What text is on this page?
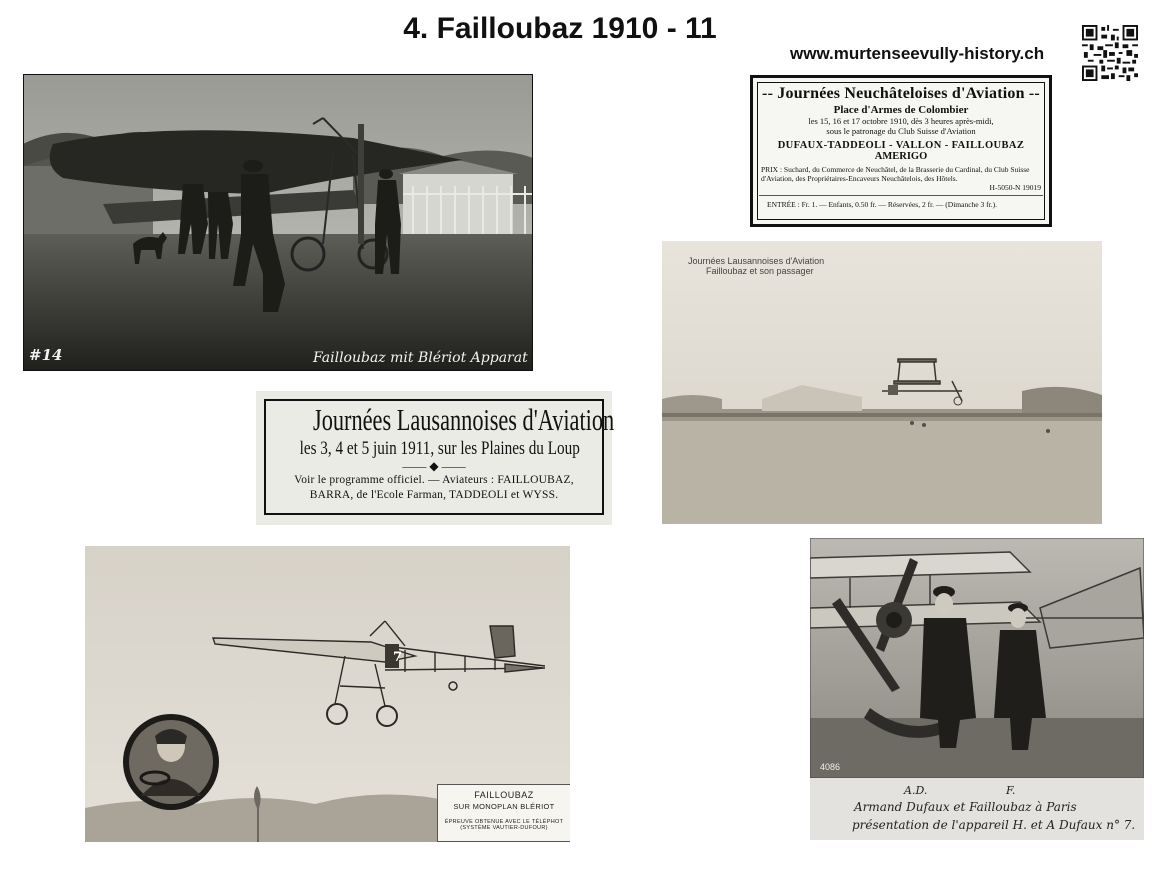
4. Failloubaz 1910 - 11
www.murtenseevully-history.ch
Failloubaz mit Blériot Apparat
#14
-- Journées Neuchâteloises d'Aviation --
Place d'Armes de Colombier
les 15, 16 et 17 octobre 1910, dès 3 heures après-midi,
sous le patronage du Club Suisse d'Aviation
DUFAUX-TADDEOLI - VALLON - FAILLOUBAZ
AMERIGO
PRIX : Suchard, du Commerce de Neuchâtel, de la Brasserie du Cardinal, du Club Suisse d'Aviation, des Propriétaires-Encaveurs Neuchâtelois, des Hôtels.
H-5050-N 19019
ENTRÉE : Fr. 1. — Enfants, 0.50 fr. — Réservées, 2 fr. — (Dimanche 3 fr.).
Journées Lausannoises d'Aviation
Failloubaz et son passager
Journées Lausannoises d'Aviation
les 3, 4 et 5 juin 1911, sur les Plaines du Loup
—— ◆ ——
Voir le programme officiel. — Aviateurs : FAILLOUBAZ,
BARRA, de l'Ecole Farman, TADDEOLI et WYSS.
7
FAILLOUBAZ
SUR MONOPLAN BLÉRIOT
ÉPREUVE OBTENUE AVEC LE TÉLÉPHOT
(SYSTÈME VAUTIER-DUFOUR)
4086
A.D.	F.
Armand Dufaux et Failloubaz à Paris
présentation de l'appareil H. et A Dufaux n° 7.
